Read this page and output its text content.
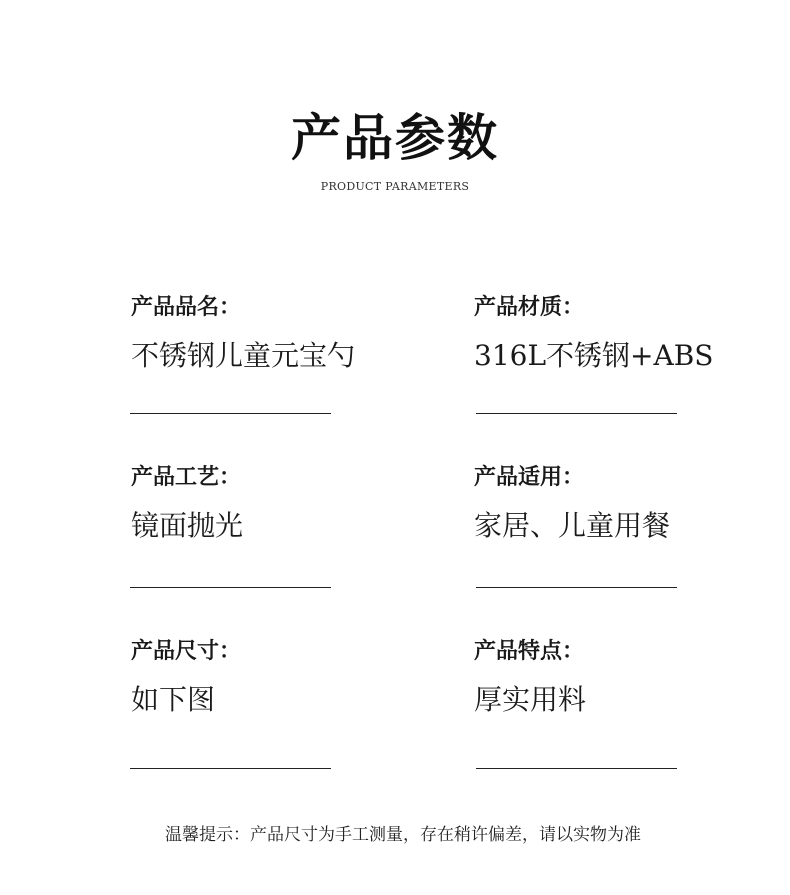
产品参数
PRODUCT PARAMETERS
产品品名：
不锈钢儿童元宝勺
产品材质：
316L不锈钢+ABS
产品工艺：
镜面抛光
产品适用：
家居、儿童用餐
产品尺寸：
如下图
产品特点：
厚实用料
温馨提示：产品尺寸为手工测量，存在稍许偏差，请以实物为准
